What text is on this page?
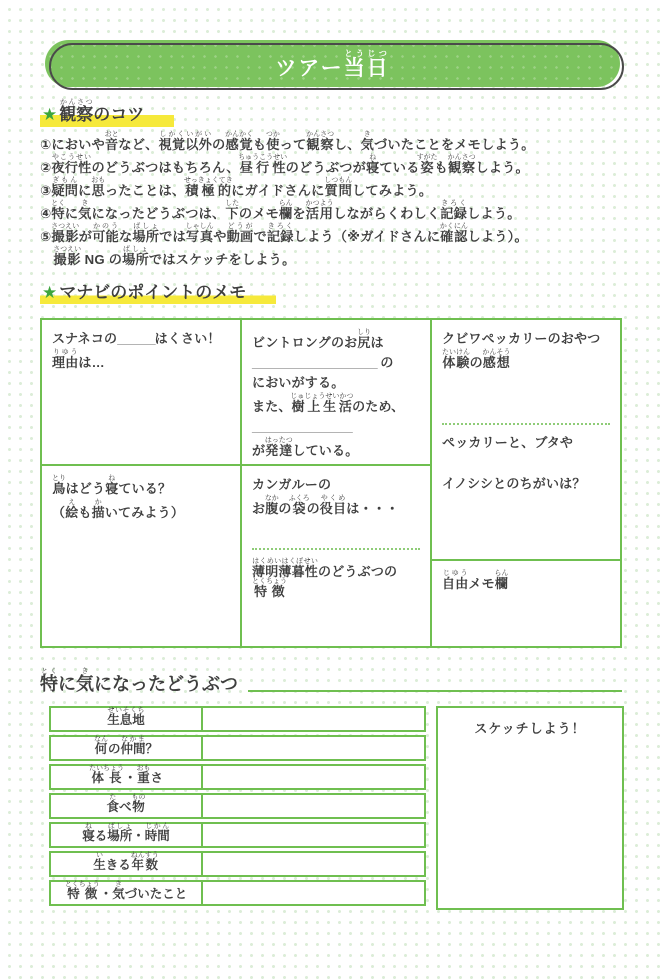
ツアー当日とうじつ
★ 観察かんさつのコツ
①においや音おとなど、視覚以外しかくいがいの感覚かんかくも使つかって観察かんさつし、気きづいたことをメモしよう。
②夜行性やこうせいのどうぶつはもちろん、昼行性ちゅうこうせいのどうぶつが寝ねている姿すがたも観察かんさつしよう。
③疑問ぎもんに思おもったことは、積極的せっきょくてきにガイドさんに質問しつもんしてみよう。
④特とくに気きになったどうぶつは、下したのメモ欄らんを活用かつようしながらくわしく記録きろくしよう。
⑤撮影さつえいが可能かのうな場所ばしょでは写真しゃしんや動画どうがで記録きろくしよう（※ガイドさんに確認かくにんしよう）。
　撮影さつえい NG の場所ばしょではスケッチをしよう。
★ マナビのポイントのメモ
スナネコの______はくさい！
理由りゆうは…
鳥とりはどう寝ねている？
（絵えも描かいてみよう）
ビントロングのお尻しりは
____________________ の
においがする。
また、樹上生活じゅじょうせいかつのため、
________________
が発達はったつしている。
カンガルーの
お腹なかの袋ふくろの役目やくめは・・・
薄明薄暮性はくめいはくぼせいのどうぶつの特徴とくちょう
クビワペッカリーのおやつ
体験たいけんの感想かんそう
ペッカリーと、ブタや
イノシシとのちがいは？
自由じゆうメモ欄らん
特とくに気きになったどうぶつ
生息地せいそくち
何なん
の 仲間なかま
？
体長たいちょう
・ 重おも
さ
食た
べ 物もの
寝ね
る 場所ばしょ
・ 時間じかん
生い
きる 年数ねんすう
特徴とくちょう
・ 気き
づいたこと
スケッチしよう！
